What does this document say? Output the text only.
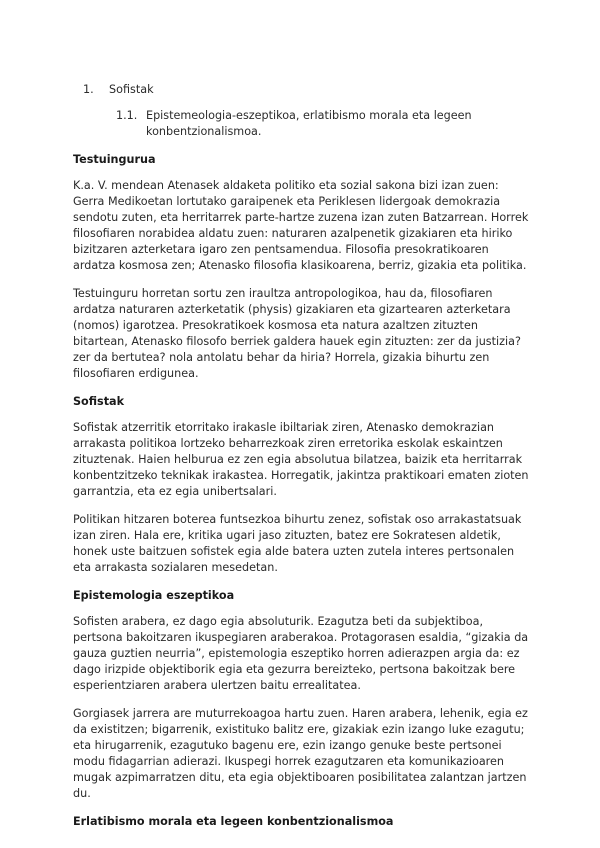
1.	Sofistak
1.1. Epistemeologia-eszeptikoa, erlatibismo morala eta legeen konbentzionalismoa.
Testuingurua

K.a. V. mendean Atenasek aldaketa politiko eta sozial sakona bizi izan zuen: Gerra Medikoetan lortutako garaipenek eta Periklesen lidergoak demokrazia sendotu zuten, eta herritarrek parte-hartze zuzena izan zuten Batzarrean. Horrek filosofiaren norabidea aldatu zuen: naturaren azalpenetik gizakiaren eta hiriko bizitzaren azterketara igaro zen pentsamendua. Filosofia presokratikoaren ardatza kosmosa zen; Atenasko filosofia klasikoarena, berriz, gizakia eta politika.

Testuinguru horretan sortu zen iraultza antropologikoa, hau da, filosofiaren ardatza naturaren azterketatik (physis) gizakiaren eta gizartearen azterketara (nomos) igarotzea. Presokratikoek kosmosa eta natura azaltzen zituzten bitartean, Atenasko filosofo berriek galdera hauek egin zituzten: zer da justizia? zer da bertutea? nola antolatu behar da hiria? Horrela, gizakia bihurtu zen filosofiaren erdigunea.

Sofistak

Sofistak atzerritik etorritako irakasle ibiltariak ziren, Atenasko demokrazian arrakasta politikoa lortzeko beharrezkoak ziren erretorika eskolak eskaintzen zituztenak. Haien helburua ez zen egia absolutua bilatzea, baizik eta herritarrak konbentzitzeko teknikak irakastea. Horregatik, jakintza praktikoari ematen zioten garrantzia, eta ez egia unibertsalari.

Politikan hitzaren boterea funtsezkoa bihurtu zenez, sofistak oso arrakastatsuak izan ziren. Hala ere, kritika ugari jaso zituzten, batez ere Sokratesen aldetik, honek uste baitzuen sofistek egia alde batera uzten zutela interes pertsonalen eta arrakasta sozialaren mesedetan.

Epistemologia eszeptikoa

Sofisten arabera, ez dago egia absoluturik. Ezagutza beti da subjektiboa, pertsona bakoitzaren ikuspegiaren araberakoa. Protagorasen esaldia, “gizakia da gauza guztien neurria”, epistemologia eszeptiko horren adierazpen argia da: ez dago irizpide objektiborik egia eta gezurra bereizteko, pertsona bakoitzak bere esperientziaren arabera ulertzen baitu errealitatea.

Gorgiasek jarrera are muturrekoagoa hartu zuen. Haren arabera, lehenik, egia ez da existitzen; bigarrenik, existituko balitz ere, gizakiak ezin izango luke ezagutu; eta hirugarrenik, ezagutuko bagenu ere, ezin izango genuke beste pertsonei modu fidagarrian adierazi. Ikuspegi horrek ezagutzaren eta komunikazioaren mugak azpimarratzen ditu, eta egia objektiboaren posibilitatea zalantzan jartzen du.

Erlatibismo morala eta legeen konbentzionalismoa
